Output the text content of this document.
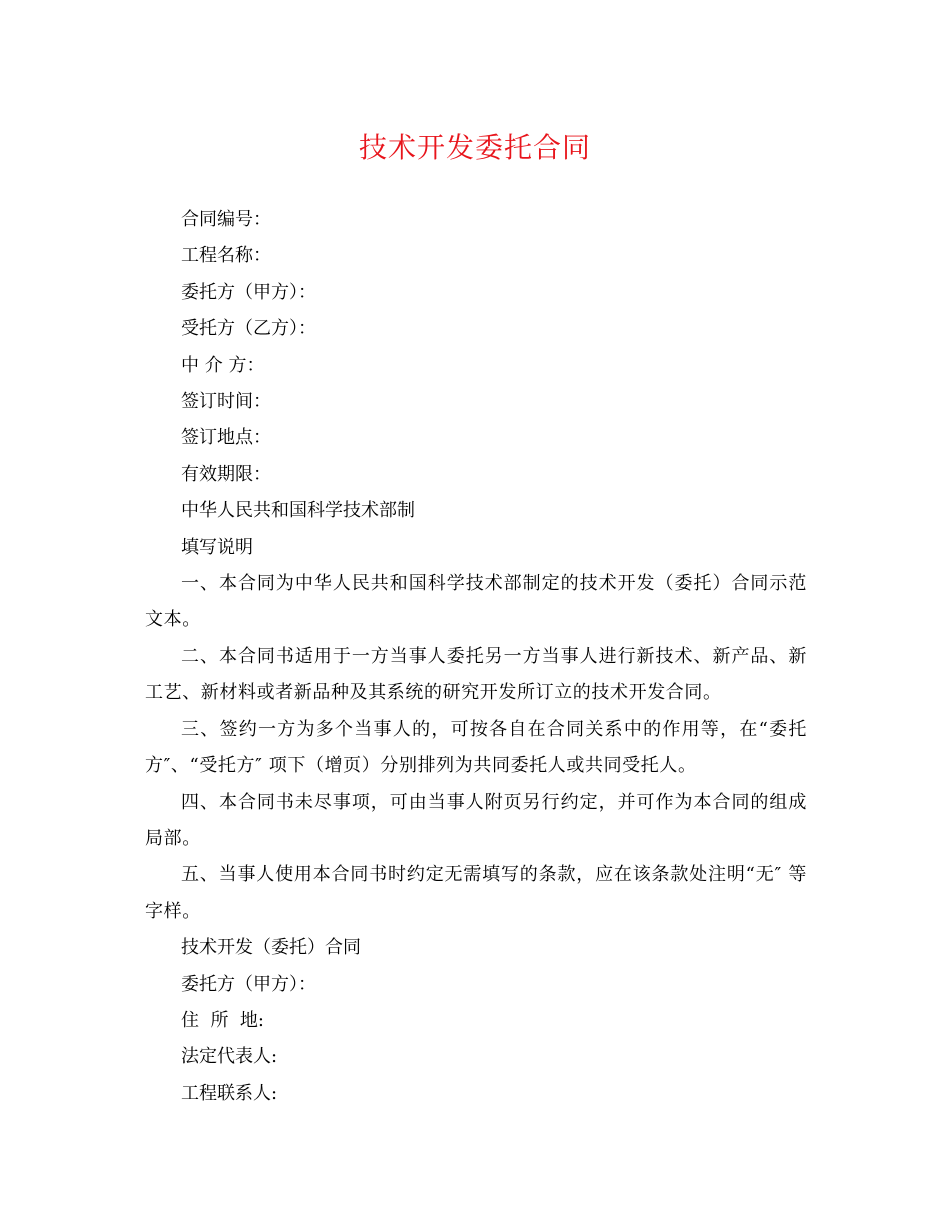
技术开发委托合同

合同编号：

工程名称：

委托方（甲方）：

受托方（乙方）：

中 介 方：

签订时间：

签订地点：

有效期限：

中华人民共和国科学技术部制

填写说明

一、本合同为中华人民共和国科学技术部制定的技术开发（委托）合同示范文本。

二、本合同书适用于一方当事人委托另一方当事人进行新技术、新产品、新工艺、新材料或者新品种及其系统的研究开发所订立的技术开发合同。

三、签约一方为多个当事人的，可按各自在合同关系中的作用等，在“委托方″、“受托方″ 项下（增页）分别排列为共同委托人或共同受托人。

四、本合同书未尽事项，可由当事人附页另行约定，并可作为本合同的组成局部。

五、当事人使用本合同书时约定无需填写的条款，应在该条款处注明“无″ 等字样。

技术开发（委托）合同

委托方（甲方）：

住  所  地:

法定代表人:

工程联系人:
